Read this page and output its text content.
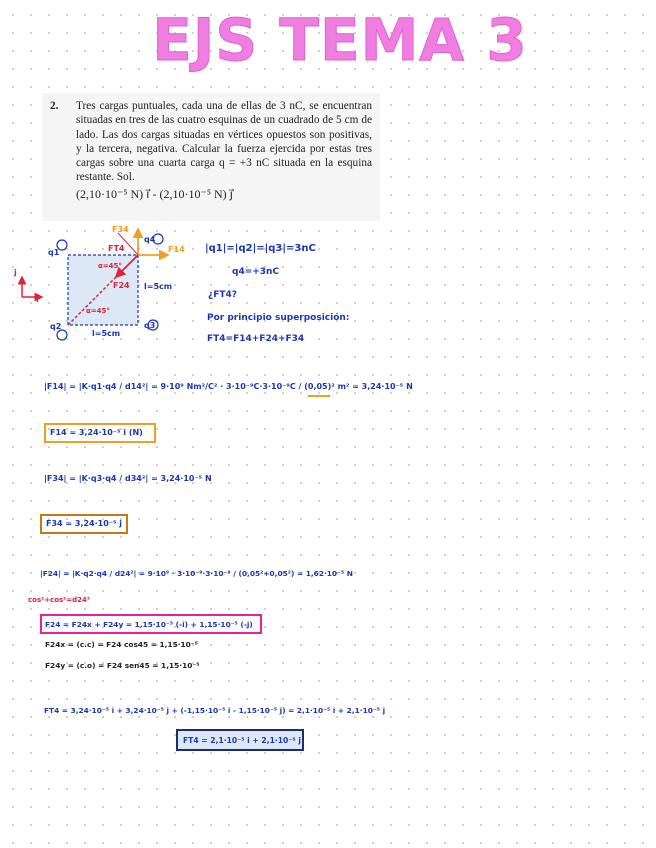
EJS TEMA 3
2. Tres cargas puntuales, cada una de ellas de 3 nC, se encuentran situadas en tres de las cuatro esquinas de un cuadrado de 5 cm de lado. Las dos cargas situadas en vértices opuestos son positivas, y la tercera, negativa. Calcular la fuerza ejercida por estas tres cargas sobre una cuarta carga q = +3 nC situada en la esquina restante. Sol.
(2,10·10⁻⁵ N) i⃗ - (2,10·10⁻⁵ N) j⃗
q1
q2	q3
q4
l=5cm
l=5cm
α=45°
α=45°
i
j
F14
F24
F34
FT4	|q1|=|q2|=|q3|=3nC
q4=+3nC
¿FT4?
Por principio superposición:
FT4=F14+F24+F34
|F14| = |K·q1·q4 / d14²| = 9·10⁹ Nm²/C² · 3·10⁻⁹C·3·10⁻⁹C / (0,05)² m² = 3,24·10⁻⁵ N
F14 = 3,24·10⁻⁵ i (N)
|F34| = |K·q3·q4 / d34²| = 3,24·10⁻⁵ N
F34 = 3,24·10⁻⁵ j
|F24| = |K·q2·q4 / d24²| = 9·10⁹ · 3·10⁻⁹·3·10⁻⁹ / (0,05²+0,05²) = 1,62·10⁻⁵ N
cos²+cos²=d24²
F24 = F24x + F24y = 1,15·10⁻⁵ (-i) + 1,15·10⁻⁵ (-j)
F24x = (c.c) = F24 cos45 = 1,15·10⁻⁵
F24y = (c.o) = F24 sen45 = 1,15·10⁻⁵
FT4 = 3,24·10⁻⁵ i + 3,24·10⁻⁵ j + (-1,15·10⁻⁵ i - 1,15·10⁻⁵ j) = 2,1·10⁻⁵ i + 2,1·10⁻⁵ j
FT4 = 2,1·10⁻⁵ i + 2,1·10⁻⁵ j
